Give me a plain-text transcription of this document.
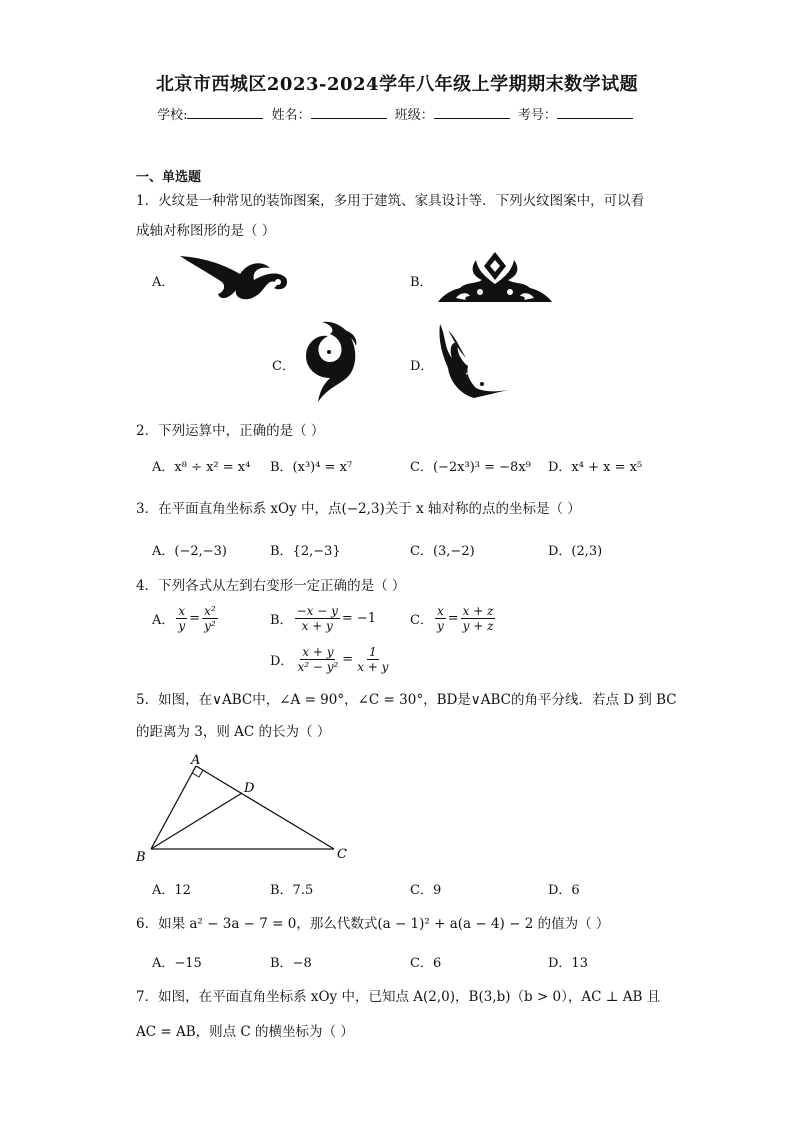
北京市西城区2023-2024学年八年级上学期期末数学试题
学校:	姓名：	班级：	考号：
一、单选题
1．火纹是一种常见的装饰图案，多用于建筑、家具设计等．下列火纹图案中，可以看
成轴对称图形的是（ ）
A．	B．
C．	D．
2．下列运算中，正确的是（ ）
A．x⁸ ÷ x² = x⁴ B．(x³)⁴ = x⁷	C．(−2x³)³ = −8x⁹ D．x⁴ + x = x⁵
3．在平面直角坐标系 xOy 中，点(−2,3)关于 x 轴对称的点的坐标是（ ）
A．(−2,−3)	B．{2,−3}	C．(3,−2)	D．(2,3)
4．下列各式从左到右变形一定正确的是（ ）
A． $\frac{x}{y} = \frac{\text{x²}}{\text{y²}}$	B． $\frac{-x - y}{x + y} = -1$	C． $\frac{x}{y} = \frac{x + z}{y + z}$
D． $\frac{x + y}{\text{x² − y²}} = \frac{1}{x + y}$
5．如图，在∨ABC中，∠A = 90°，∠C = 30°，BD是∨ABC的角平分线．若点 D 到 BC
的距离为 3，则 AC 的长为（ ）
A
B	C
D
A．12	B．7.5	C．9	D．6
6．如果 a² − 3a − 7 = 0，那么代数式(a − 1)² + a(a − 4) − 2 的值为（ ）
A．−15	B．−8	C．6	D．13
7．如图，在平面直角坐标系 xOy 中，已知点 A(2,0)，B(3,b)（b > 0），AC ⊥ AB 且
AC = AB，则点 C 的横坐标为（ ）
